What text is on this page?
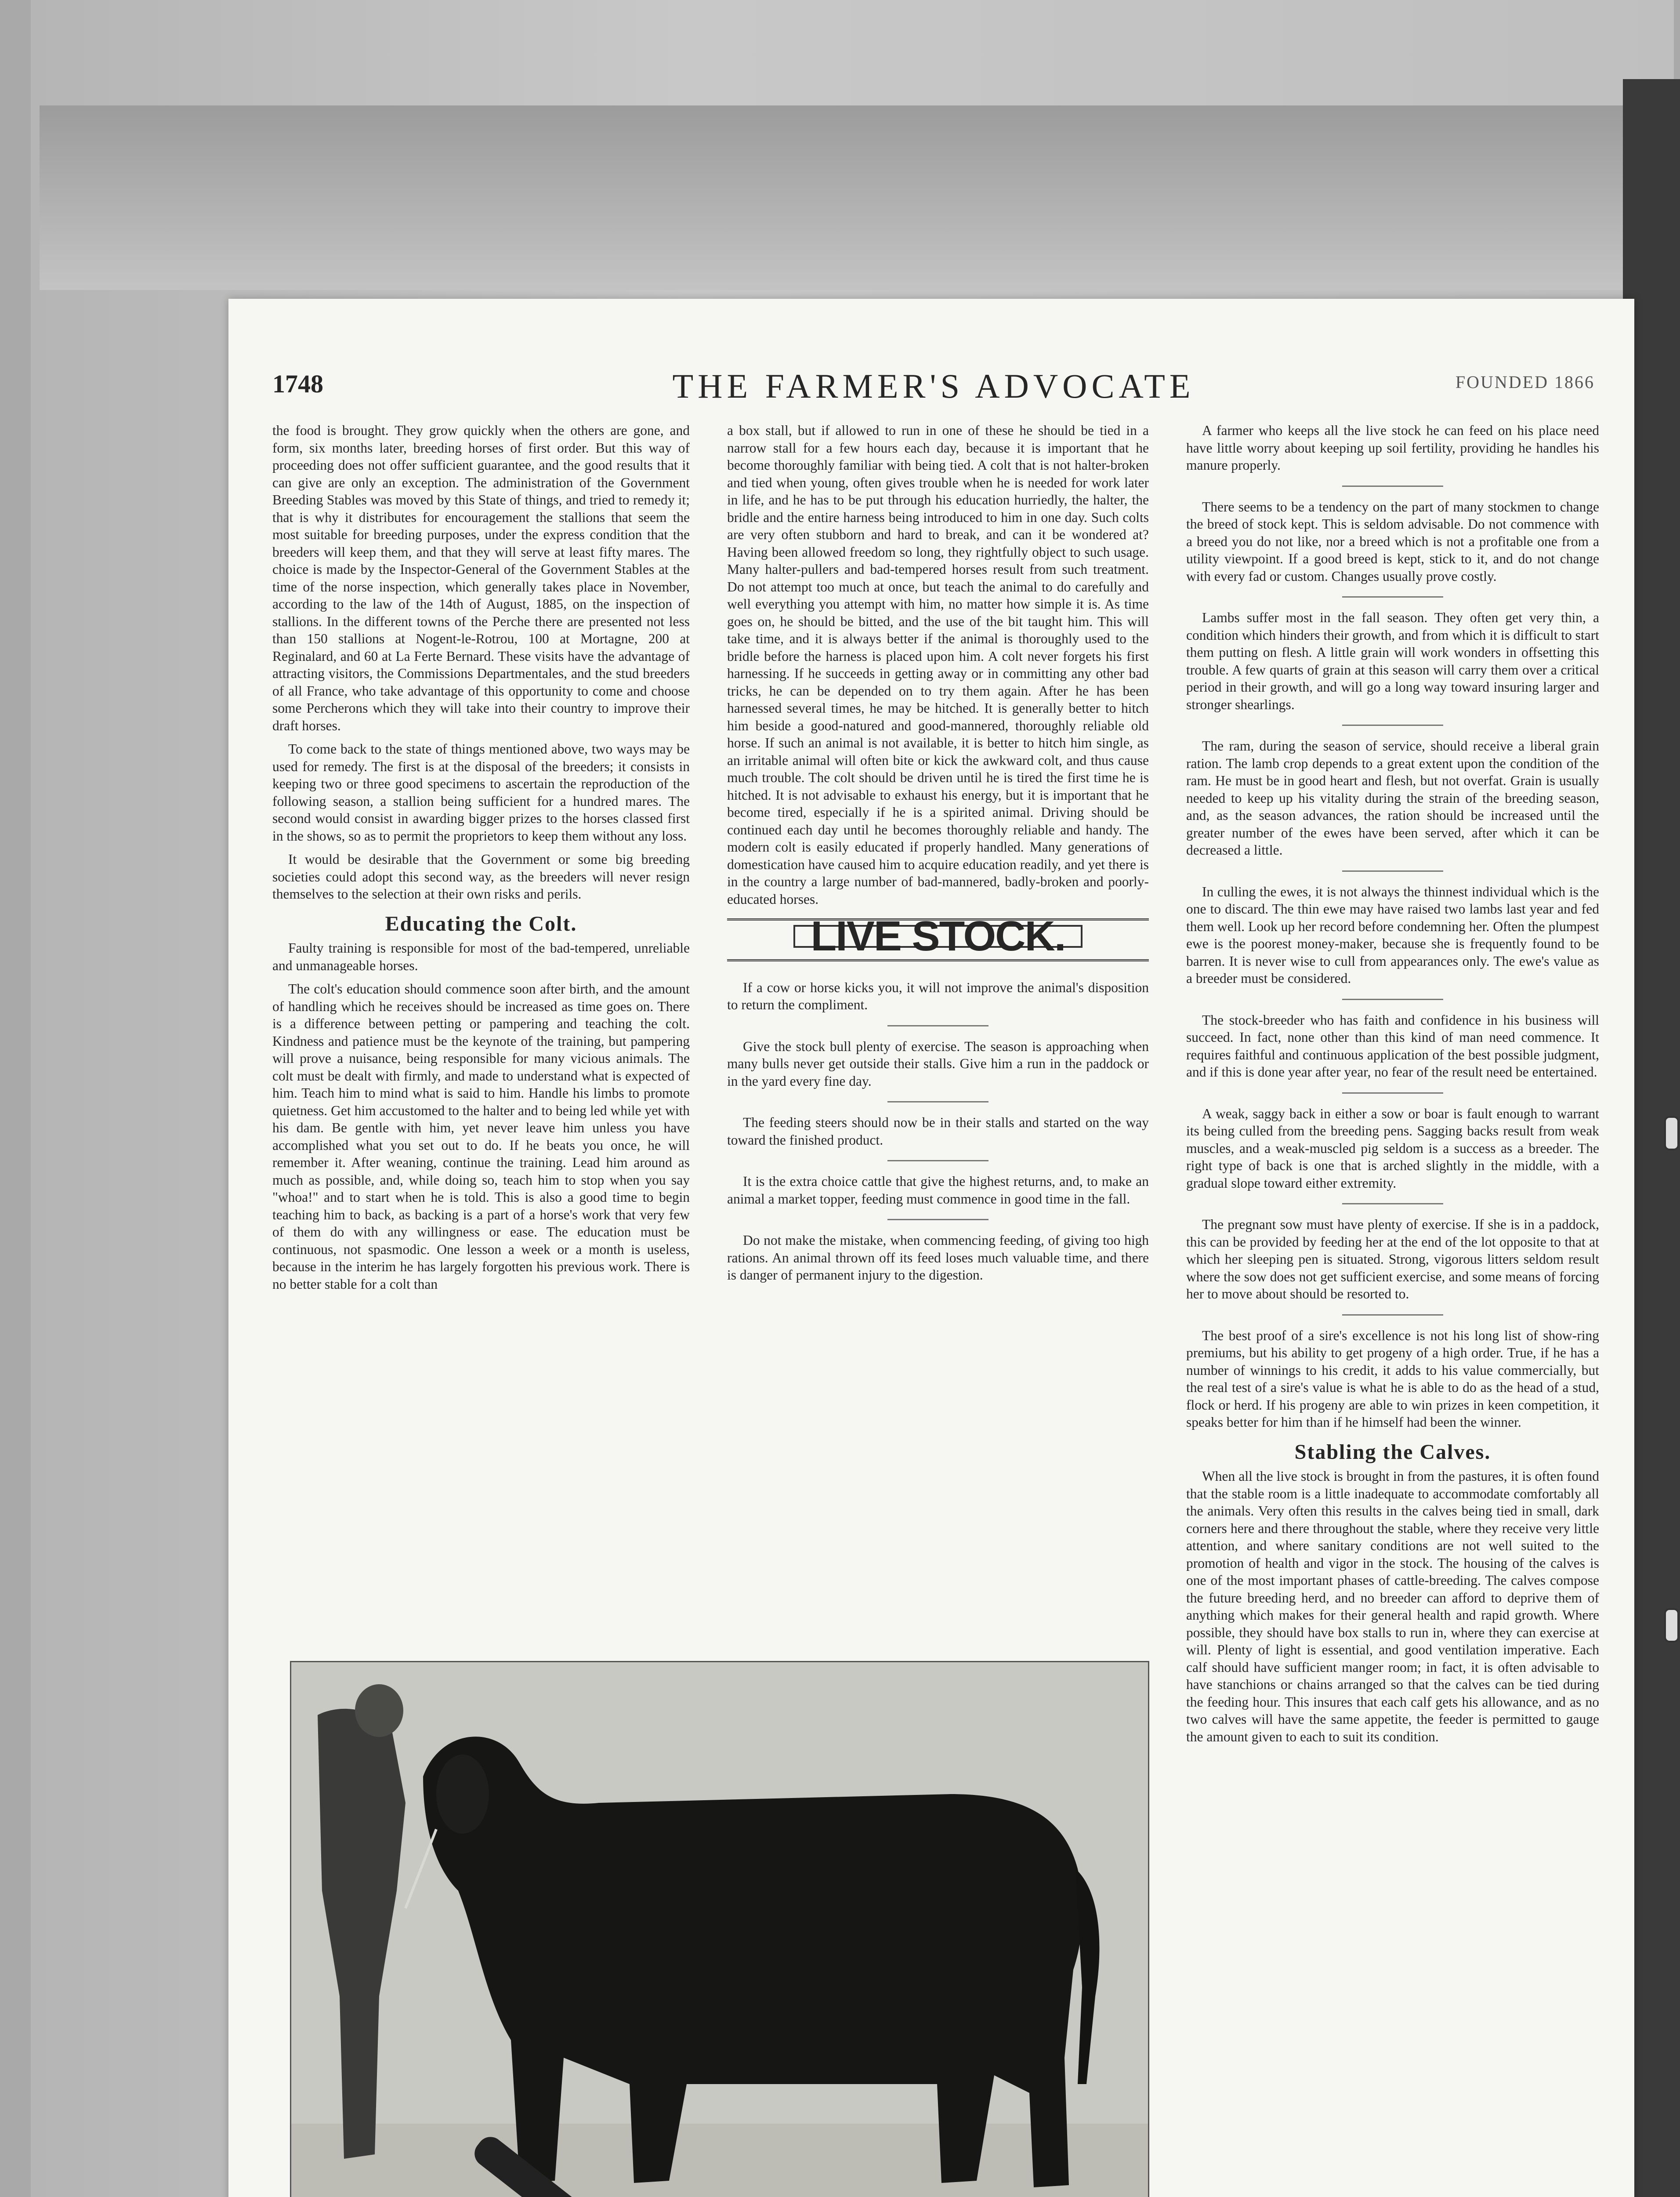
1748	THE FARMER'S ADVOCATE	FOUNDED 1866

the food is brought. They grow quickly when the others are gone, and form, six months later, breeding horses of first order. But this way of proceeding does not offer sufficient guarantee, and the good results that it can give are only an exception. The administration of the Government Breeding Stables was moved by this State of things, and tried to remedy it; that is why it distributes for encouragement the stallions that seem the most suitable for breeding purposes, under the express condition that the breeders will keep them, and that they will serve at least fifty mares. The choice is made by the Inspector-General of the Government Stables at the time of the norse inspection, which generally takes place in November, according to the law of the 14th of August, 1885, on the inspection of stallions. In the different towns of the Perche there are presented not less than 150 stallions at Nogent-le-Rotrou, 100 at Mortagne, 200 at Reginalard, and 60 at La Ferte Bernard. These visits have the advantage of attracting visitors, the Commissions Departmentales, and the stud breeders of all France, who take advantage of this opportunity to come and choose some Percherons which they will take into their country to improve their draft horses.

To come back to the state of things mentioned above, two ways may be used for remedy. The first is at the disposal of the breeders; it consists in keeping two or three good specimens to ascertain the reproduction of the following season, a stallion being sufficient for a hundred mares. The second would consist in awarding bigger prizes to the horses classed first in the shows, so as to permit the proprietors to keep them without any loss.

It would be desirable that the Government or some big breeding societies could adopt this second way, as the breeders will never resign themselves to the selection at their own risks and perils.

Educating the Colt.

Faulty training is responsible for most of the bad-tempered, unreliable and unmanageable horses.

The colt's education should commence soon after birth, and the amount of handling which he receives should be increased as time goes on. There is a difference between petting or pampering and teaching the colt. Kindness and patience must be the keynote of the training, but pampering will prove a nuisance, being responsible for many vicious animals. The colt must be dealt with firmly, and made to understand what is expected of him. Teach him to mind what is said to him. Handle his limbs to promote quietness. Get him accustomed to the halter and to being led while yet with his dam. Be gentle with him, yet never leave him unless you have accomplished what you set out to do. If he beats you once, he will remember it. After weaning, continue the training. Lead him around as much as possible, and, while doing so, teach him to stop when you say "whoa!" and to start when he is told. This is also a good time to begin teaching him to back, as backing is a part of a horse's work that very few of them do with any willingness or ease. The education must be continuous, not spasmodic. One lesson a week or a month is useless, because in the interim he has largely forgotten his previous work. There is no better stable for a colt than

a box stall, but if allowed to run in one of these he should be tied in a narrow stall for a few hours each day, because it is important that he become thoroughly familiar with being tied. A colt that is not halter-broken and tied when young, often gives trouble when he is needed for work later in life, and he has to be put through his education hurriedly, the halter, the bridle and the entire harness being introduced to him in one day. Such colts are very often stubborn and hard to break, and can it be wondered at? Having been allowed freedom so long, they rightfully object to such usage. Many halter-pullers and bad-tempered horses result from such treatment. Do not attempt too much at once, but teach the animal to do carefully and well everything you attempt with him, no matter how simple it is. As time goes on, he should be bitted, and the use of the bit taught him. This will take time, and it is always better if the animal is thoroughly used to the bridle before the harness is placed upon him. A colt never forgets his first harnessing. If he succeeds in getting away or in committing any other bad tricks, he can be depended on to try them again. After he has been harnessed several times, he may be hitched. It is generally better to hitch him beside a good-natured and good-mannered, thoroughly reliable old horse. If such an animal is not available, it is better to hitch him single, as an irritable animal will often bite or kick the awkward colt, and thus cause much trouble. The colt should be driven until he is tired the first time he is hitched. It is not advisable to exhaust his energy, but it is important that he become tired, especially if he is a spirited animal. Driving should be continued each day until he becomes thoroughly reliable and handy. The modern colt is easily educated if properly handled. Many generations of domestication have caused him to acquire education readily, and yet there is in the country a large number of bad-mannered, badly-broken and poorly-educated horses.

LIVE STOCK.

If a cow or horse kicks you, it will not improve the animal's disposition to return the compliment.

Give the stock bull plenty of exercise. The season is approaching when many bulls never get outside their stalls. Give him a run in the paddock or in the yard every fine day.

The feeding steers should now be in their stalls and started on the way toward the finished product.

It is the extra choice cattle that give the highest returns, and, to make an animal a market topper, feeding must commence in good time in the fall.

Do not make the mistake, when commencing feeding, of giving too high rations. An animal thrown off its feed loses much valuable time, and there is danger of permanent injury to the digestion.

A farmer who keeps all the live stock he can feed on his place need have little worry about keeping up soil fertility, providing he handles his manure properly.

There seems to be a tendency on the part of many stockmen to change the breed of stock kept. This is seldom advisable. Do not commence with a breed you do not like, nor a breed which is not a profitable one from a utility viewpoint. If a good breed is kept, stick to it, and do not change with every fad or custom. Changes usually prove costly.

Lambs suffer most in the fall season. They often get very thin, a condition which hinders their growth, and from which it is difficult to start them putting on flesh. A little grain will work wonders in offsetting this trouble. A few quarts of grain at this season will carry them over a critical period in their growth, and will go a long way toward insuring larger and stronger shearlings.

The ram, during the season of service, should receive a liberal grain ration. The lamb crop depends to a great extent upon the condition of the ram. He must be in good heart and flesh, but not overfat. Grain is usually needed to keep up his vitality during the strain of the breeding season, and, as the season advances, the ration should be increased until the greater number of the ewes have been served, after which it can be decreased a little.

In culling the ewes, it is not always the thinnest individual which is the one to discard. The thin ewe may have raised two lambs last year and fed them well. Look up her record before condemning her. Often the plumpest ewe is the poorest money-maker, because she is frequently found to be barren. It is never wise to cull from appearances only. The ewe's value as a breeder must be considered.

The stock-breeder who has faith and confidence in his business will succeed. In fact, none other than this kind of man need commence. It requires faithful and continuous application of the best possible judgment, and if this is done year after year, no fear of the result need be entertained.

A weak, saggy back in either a sow or boar is fault enough to warrant its being culled from the breeding pens. Sagging backs result from weak muscles, and a weak-muscled pig seldom is a success as a breeder. The right type of back is one that is arched slightly in the middle, with a gradual slope toward either extremity.

The pregnant sow must have plenty of exercise. If she is in a paddock, this can be provided by feeding her at the end of the lot opposite to that at which her sleeping pen is situated. Strong, vigorous litters seldom result where the sow does not get sufficient exercise, and some means of forcing her to move about should be resorted to.

The best proof of a sire's excellence is not his long list of show-ring premiums, but his ability to get progeny of a high order. True, if he has a number of winnings to his credit, it adds to his value commercially, but the real test of a sire's value is what he is able to do as the head of a stud, flock or herd. If his progeny are able to win prizes in keen competition, it speaks better for him than if he himself had been the winner.

Stabling the Calves.

When all the live stock is brought in from the pastures, it is often found that the stable room is a little inadequate to accommodate comfortably all the animals. Very often this results in the calves being tied in small, dark corners here and there throughout the stable, where they receive very little attention, and where sanitary conditions are not well suited to the promotion of health and vigor in the stock. The housing of the calves is one of the most important phases of cattle-breeding. The calves compose the future breeding herd, and no breeder can afford to deprive them of anything which makes for their general health and rapid growth. Where possible, they should have box stalls to run in, where they can exercise at will. Plenty of light is essential, and good ventilation imperative. Each calf should have sufficient manger room; in fact, it is often advisable to have stanchions or chains arranged so that the calves can be tied during the feeding hour. This insures that each calf gets his allowance, and as no two calves will have the same appetite, the feeder is permitted to gauge the amount given to each to suit its condition.
